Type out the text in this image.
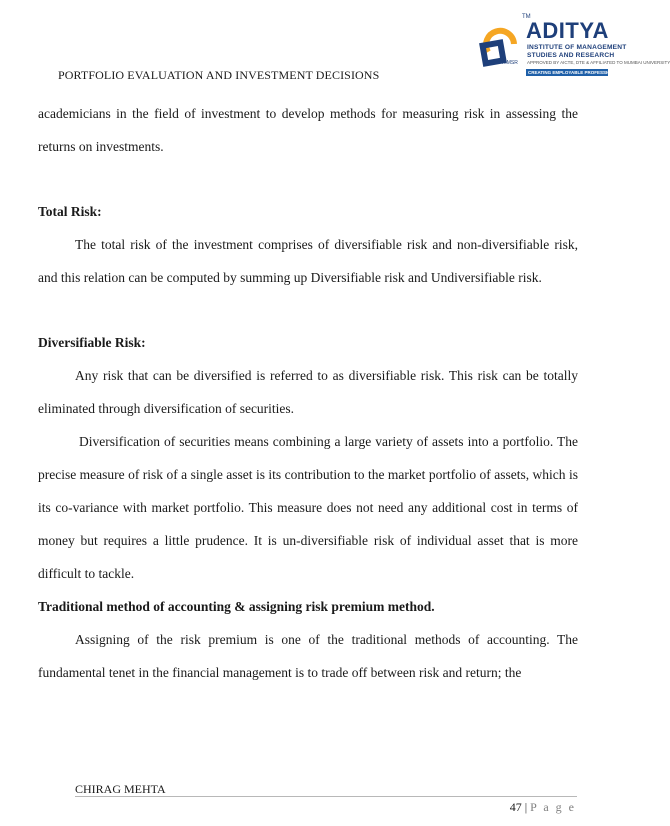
PORTFOLIO EVALUATION AND INVESTMENT DECISIONS
TM
ADITYA
INSTITUTE OF MANAGEMENT
STUDIES AND RESEARCH
AIMSR APPROVED BY AICTE, DTE & AFFILIATED TO MUMBAI UNIVERSITY
CREATING EMPLOYABLE PROFESSIONALS

academicians in the field of investment to develop methods for measuring risk in assessing the returns on investments.

Total Risk:

The total risk of the investment comprises of diversifiable risk and non-diversifiable risk, and this relation can be computed by summing up Diversifiable risk and Undiversifiable risk.

Diversifiable Risk:

Any risk that can be diversified is referred to as diversifiable risk. This risk can be totally eliminated through diversification of securities.

Diversification of securities means combining a large variety of assets into a portfolio. The precise measure of risk of a single asset is its contribution to the market portfolio of assets, which is its co-variance with market portfolio. This measure does not need any additional cost in terms of money but requires a little prudence. It is un-diversifiable risk of individual asset that is more difficult to tackle.

Traditional method of accounting & assigning risk premium method.

Assigning of the risk premium is one of the traditional methods of accounting. The fundamental tenet in the financial management is to trade off between risk and return; the

CHIRAG MEHTA
47 | P a g e
